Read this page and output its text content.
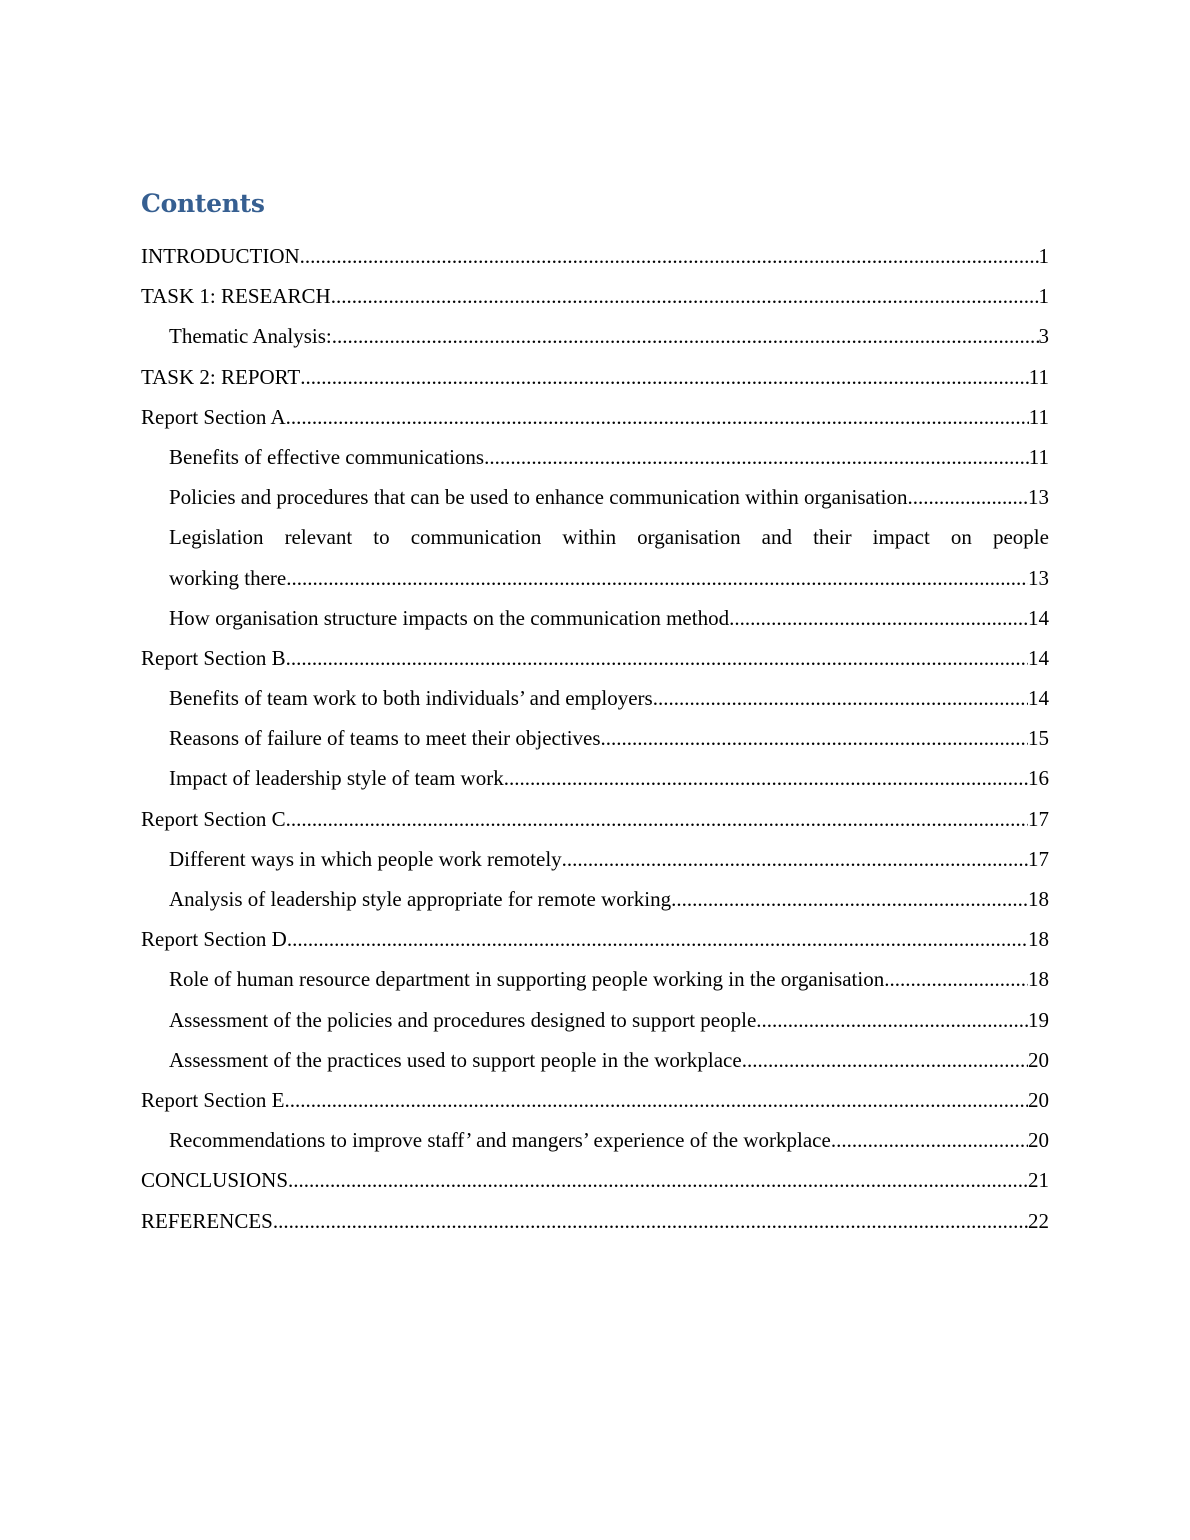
Contents
INTRODUCTION .....	1
TASK 1: RESEARCH .....	1
Thematic Analysis: .....	3
TASK 2: REPORT .....	11
Report Section A .....	11
Benefits of effective communications .....	11
Policies and procedures that can be used to enhance communication within organisation. .....	13
Legislation relevant to communication within organisation and their impact on people
working there .....	13
How organisation structure impacts on the communication method. .....	14
Report Section B .....	14
Benefits of team work to both individuals’ and employers .....	14
Reasons of failure of teams to meet their objectives .....	15
Impact of leadership style of team work .....	16
Report Section C .....	17
Different ways in which people work remotely .....	17
Analysis of leadership style appropriate for remote working .....	18
Report Section D .....	18
Role of human resource department in supporting people working in the organisation. .....	18
Assessment of the policies and procedures designed to support people .....	19
Assessment of the practices used to support people in the workplace .....	20
Report Section E .....	20
Recommendations to improve staff’ and mangers’ experience of the workplace .....	20
CONCLUSIONS .....	21
REFERENCES .....	22
